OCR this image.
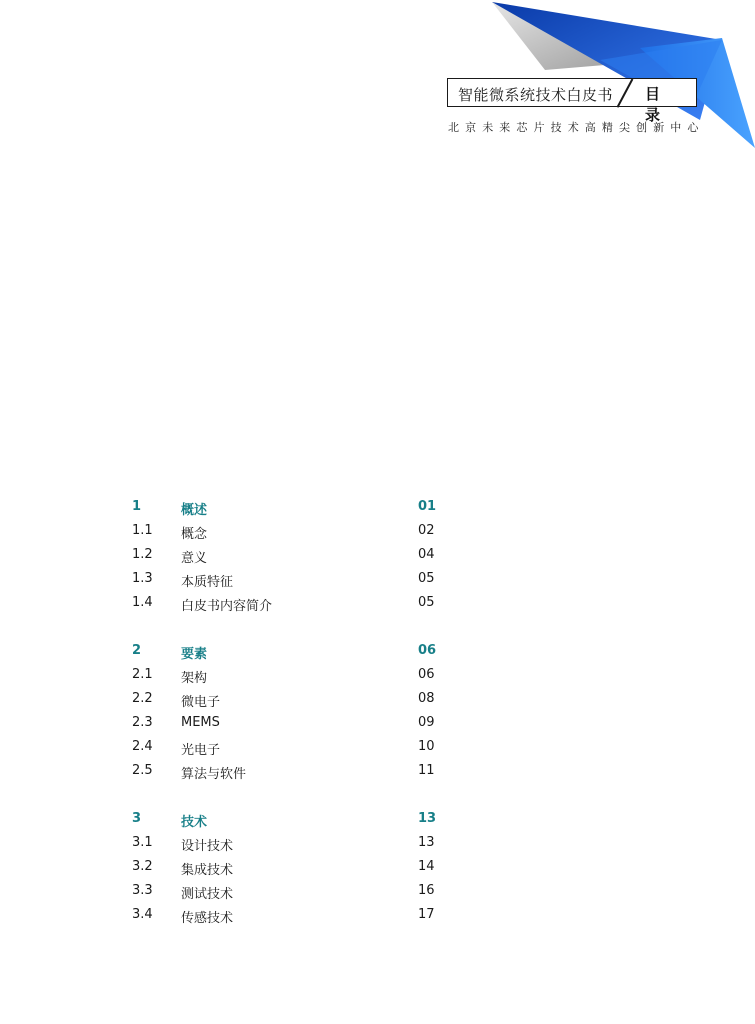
智能微系统技术白皮书 目 录
北京未来芯片技术高精尖创新中心
1	概述	01
1.1 概念	02
1.2 意义	04
1.3 本质特征	05
1.4 白皮书内容简介	05
2	要素	06
2.1 架构	06
2.2 微电子	08
2.3 MEMS	09
2.4 光电子	10
2.5 算法与软件	11
3	技术	13
3.1 设计技术	13
3.2 集成技术	14
3.3 测试技术	16
3.4 传感技术	17
